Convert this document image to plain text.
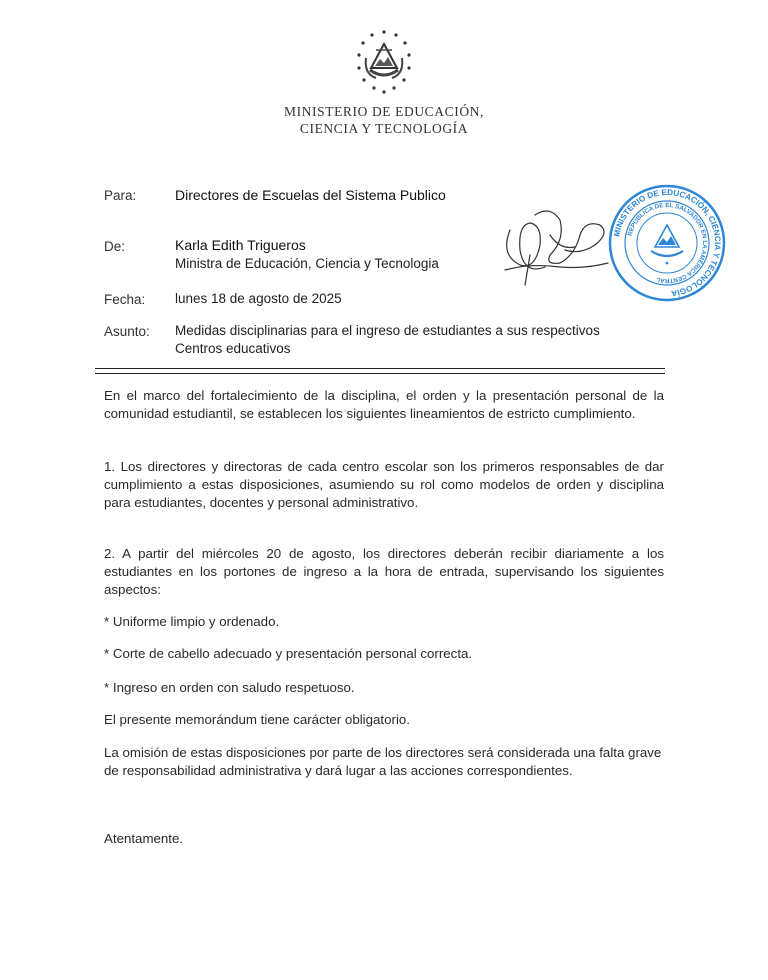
MINISTERIO DE EDUCACIÓN,
CIENCIA Y TECNOLOGÍA
Para:	Directores de Escuelas del Sistema Publico
De:	Karla Edith Trigueros
Ministra de Educación, Ciencia y Tecnologia
Fecha: lunes 18 de agosto de 2025
Asunto: Medidas disciplinarias para el ingreso de estudiantes a sus respectivos
Centros educativos
MINISTERIO DE EDUCACIÓN, CIENCIA Y TECNOLOGÍA
REPÚBLICA DE EL SALVADOR EN LA AMÉRICA CENTRAL
En el marco del fortalecimiento de la disciplina, el orden y la presentación personal de la comunidad estudiantil, se establecen los siguientes lineamientos de estricto cumplimiento.
1. Los directores y directoras de cada centro escolar son los primeros responsables de dar cumplimiento a estas disposiciones, asumiendo su rol como modelos de orden y disciplina para estudiantes, docentes y personal administrativo.
2. A partir del miércoles 20 de agosto, los directores deberán recibir diariamente a los estudiantes en los portones de ingreso a la hora de entrada, supervisando los siguientes aspectos:
* Uniforme limpio y ordenado.
* Corte de cabello adecuado y presentación personal correcta.
* Ingreso en orden con saludo respetuoso.
El presente memorándum tiene carácter obligatorio.
La omisión de estas disposiciones por parte de los directores será considerada una falta grave de responsabilidad administrativa y dará lugar a las acciones correspondientes.
Atentamente.
